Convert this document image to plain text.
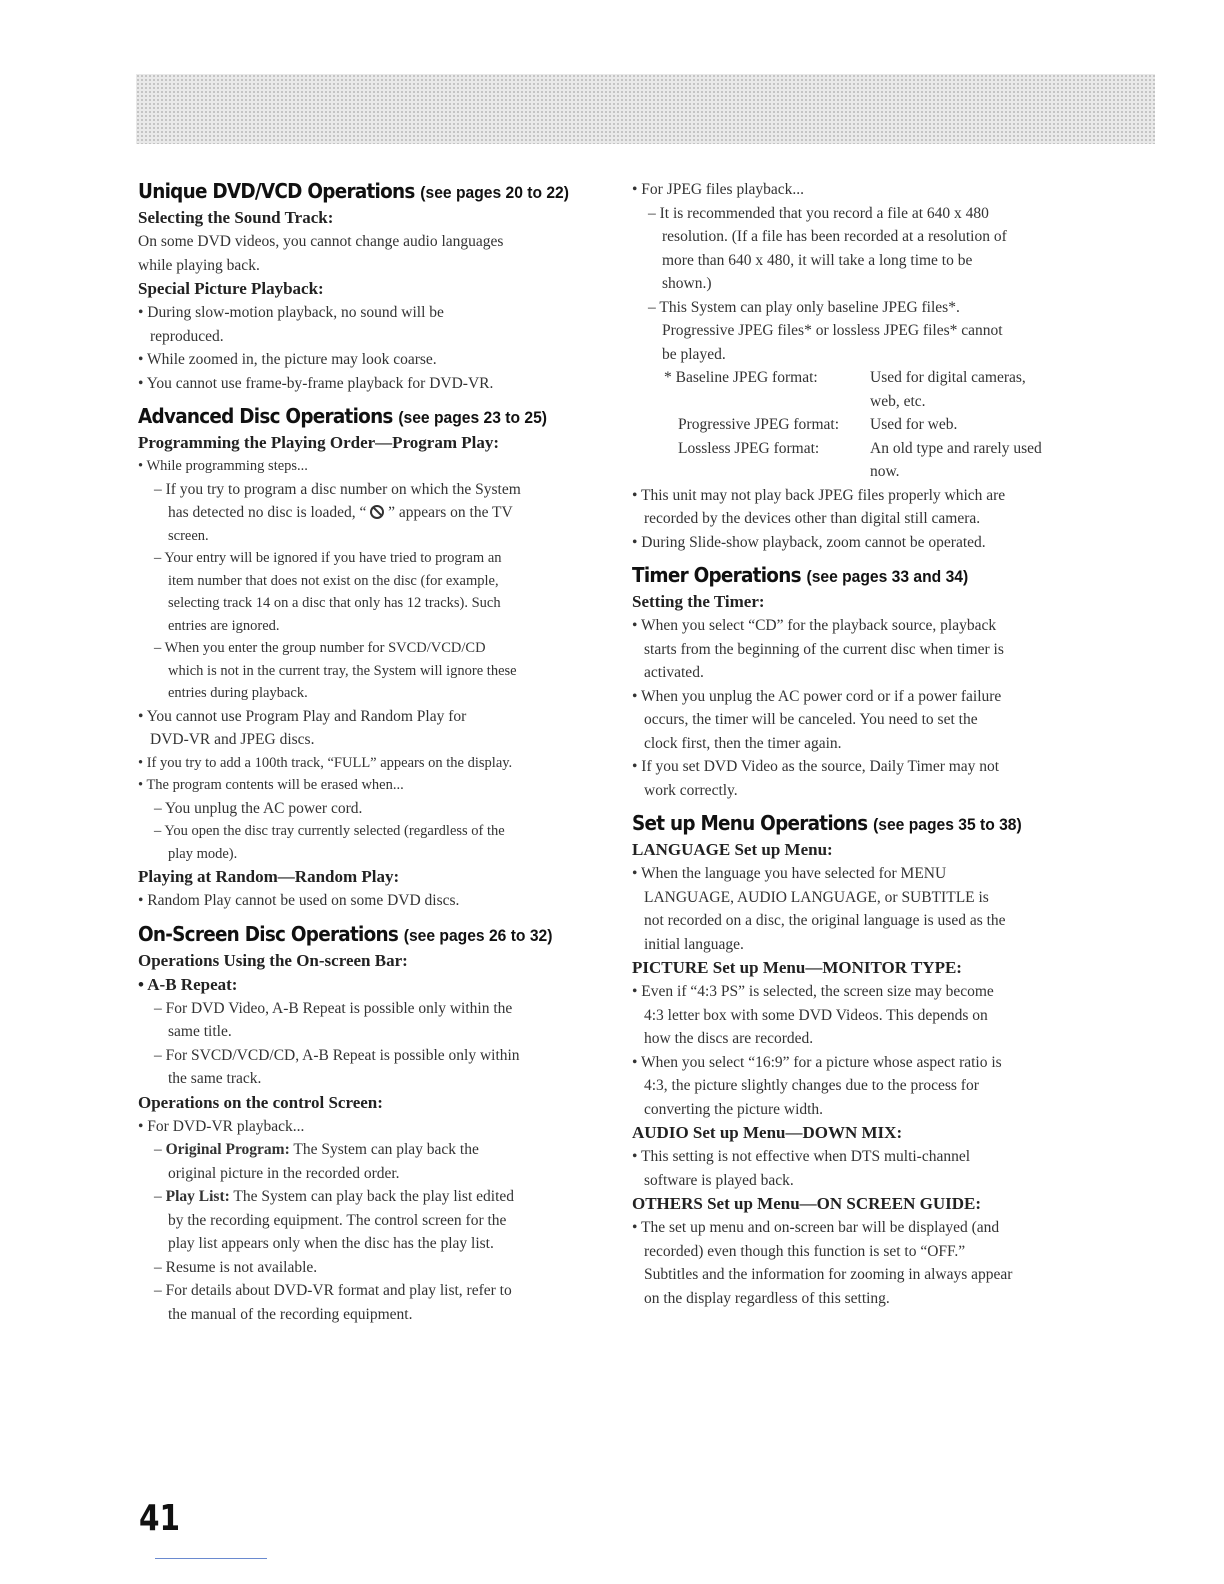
Unique DVD/VCD Operations (see pages 20 to 22)

Selecting the Sound Track:

On some DVD videos, you cannot change audio languages

while playing back.

Special Picture Playback:

• During slow-motion playback, no sound will be

reproduced.

• While zoomed in, the picture may look coarse.

• You cannot use frame-by-frame playback for DVD-VR.

Advanced Disc Operations (see pages 23 to 25)

Programming the Playing Order—Program Play:

• While programming steps...

– If you try to program a disc number on which the System

has detected no disc is loaded, “  ” appears on the TV

screen.

– Your entry will be ignored if you have tried to program an

item number that does not exist on the disc (for example,

selecting track 14 on a disc that only has 12 tracks). Such

entries are ignored.

– When you enter the group number for SVCD/VCD/CD

which is not in the current tray, the System will ignore these

entries during playback.

• You cannot use Program Play and Random Play for

DVD-VR and JPEG discs.

• If you try to add a 100th track, “FULL” appears on the display.

• The program contents will be erased when...

– You unplug the AC power cord.

– You open the disc tray currently selected (regardless of the

play mode).

Playing at Random—Random Play:

• Random Play cannot be used on some DVD discs.

On-Screen Disc Operations (see pages 26 to 32)

Operations Using the On-screen Bar:

• A-B Repeat:

– For DVD Video, A-B Repeat is possible only within the

same title.

– For SVCD/VCD/CD, A-B Repeat is possible only within

the same track.

Operations on the control Screen:

• For DVD-VR playback...

– Original Program: The System can play back the

original picture in the recorded order.

– Play List: The System can play back the play list edited

by the recording equipment. The control screen for the

play list appears only when the disc has the play list.

– Resume is not available.

– For details about DVD-VR format and play list, refer to

the manual of the recording equipment.

• For JPEG files playback...

– It is recommended that you record a file at 640 x 480

resolution. (If a file has been recorded at a resolution of

more than 640 x 480, it will take a long time to be

shown.)

– This System can play only baseline JPEG files*.

Progressive JPEG files* or lossless JPEG files* cannot

be played.

* Baseline JPEG format:	Used for digital cameras,
web, etc.
Progressive JPEG format:	Used for web.
Lossless JPEG format:	An old type and rarely used
now.

• This unit may not play back JPEG files properly which are

recorded by the devices other than digital still camera.

• During Slide-show playback, zoom cannot be operated.

Timer Operations (see pages 33 and 34)

Setting the Timer:

• When you select “CD” for the playback source, playback

starts from the beginning of the current disc when timer is

activated.

• When you unplug the AC power cord or if a power failure

occurs, the timer will be canceled. You need to set the

clock first, then the timer again.

• If you set DVD Video as the source, Daily Timer may not

work correctly.

Set up Menu Operations (see pages 35 to 38)

LANGUAGE Set up Menu:

• When the language you have selected for MENU

LANGUAGE, AUDIO LANGUAGE, or SUBTITLE is

not recorded on a disc, the original language is used as the

initial language.

PICTURE Set up Menu—MONITOR TYPE:

• Even if “4:3 PS” is selected, the screen size may become

4:3 letter box with some DVD Videos. This depends on

how the discs are recorded.

• When you select “16:9” for a picture whose aspect ratio is

4:3, the picture slightly changes due to the process for

converting the picture width.

AUDIO Set up Menu—DOWN MIX:

• This setting is not effective when DTS multi-channel

software is played back.

OTHERS Set up Menu—ON SCREEN GUIDE:

• The set up menu and on-screen bar will be displayed (and

recorded) even though this function is set to “OFF.”

Subtitles and the information for zooming in always appear

on the display regardless of this setting.

41
